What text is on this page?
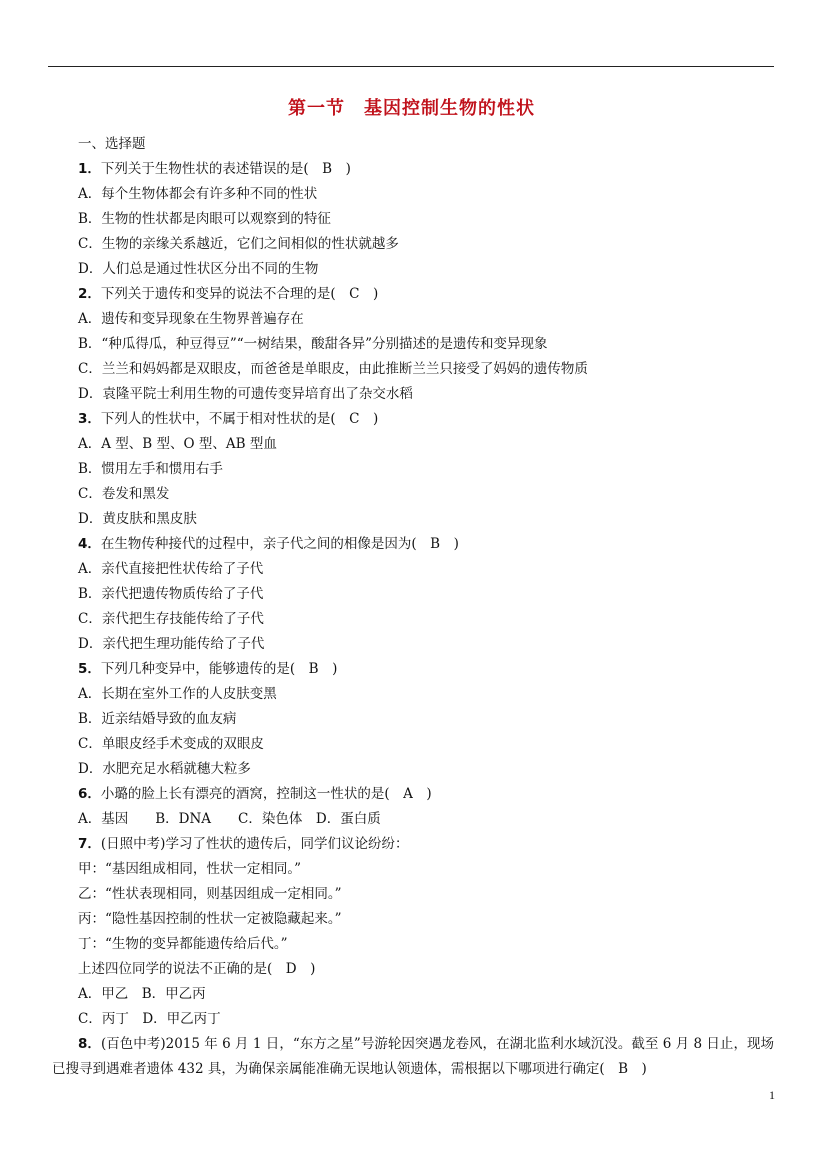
第一节　基因控制生物的性状
一、选择题
1．下列关于生物性状的表述错误的是(　B　)
A．每个生物体都会有许多种不同的性状
B．生物的性状都是肉眼可以观察到的特征
C．生物的亲缘关系越近，它们之间相似的性状就越多
D．人们总是通过性状区分出不同的生物
2．下列关于遗传和变异的说法不合理的是(　C　)
A．遗传和变异现象在生物界普遍存在
B．“种瓜得瓜，种豆得豆”“一树结果，酸甜各异”分别描述的是遗传和变异现象
C．兰兰和妈妈都是双眼皮，而爸爸是单眼皮，由此推断兰兰只接受了妈妈的遗传物质
D．袁隆平院士利用生物的可遗传变异培育出了杂交水稻
3．下列人的性状中，不属于相对性状的是(　C　)
A．A 型、B 型、O 型、AB 型血
B．惯用左手和惯用右手
C．卷发和黑发
D．黄皮肤和黑皮肤
4．在生物传种接代的过程中，亲子代之间的相像是因为(　B　)
A．亲代直接把性状传给了子代
B．亲代把遗传物质传给了子代
C．亲代把生存技能传给了子代
D．亲代把生理功能传给了子代
5．下列几种变异中，能够遗传的是(　B　)
A．长期在室外工作的人皮肤变黑
B．近亲结婚导致的血友病
C．单眼皮经手术变成的双眼皮
D．水肥充足水稻就穗大粒多
6．小璐的脸上长有漂亮的酒窝，控制这一性状的是(　A　)
A．基因　　B．DNA　　C．染色体　D．蛋白质
7．(日照中考)学习了性状的遗传后，同学们议论纷纷：
甲：“基因组成相同，性状一定相同。”
乙：“性状表现相同，则基因组成一定相同。”
丙：“隐性基因控制的性状一定被隐藏起来。”
丁：“生物的变异都能遗传给后代。”
上述四位同学的说法不正确的是(　D　)
A．甲乙　B．甲乙丙
C．丙丁　D．甲乙丙丁
8．(百色中考)2015 年 6 月 1 日，“东方之星”号游轮因突遇龙卷风，在湖北监利水域沉没。截至 6 月 8 日止，现场已搜寻到遇难者遗体 432 具，为确保亲属能准确无误地认领遗体，需根据以下哪项进行确定(　B　)
1
